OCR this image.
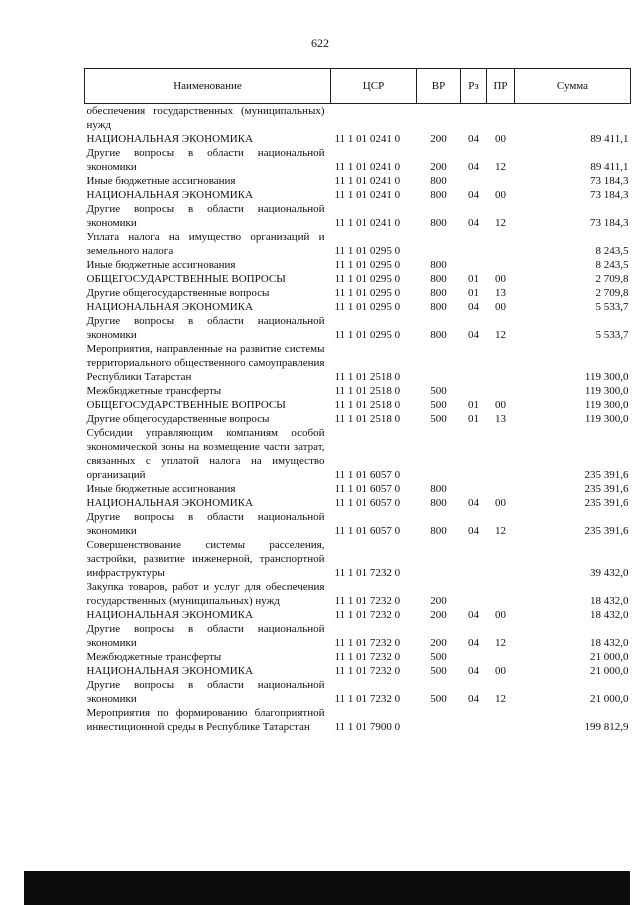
622
Наименование	ЦСР	ВР	Рз	ПР	Сумма
обеспечения государственных (муниципальных) нужд					
НАЦИОНАЛЬНАЯ ЭКОНОМИКА	11 1 01 0241 0	200	04	00	89 411,1
Другие вопросы в области национальной экономики	11 1 01 0241 0	200	04	12	89 411,1
Иные бюджетные ассигнования	11 1 01 0241 0	800			73 184,3
НАЦИОНАЛЬНАЯ ЭКОНОМИКА	11 1 01 0241 0	800	04	00	73 184,3
Другие вопросы в области национальной экономики	11 1 01 0241 0	800	04	12	73 184,3
Уплата налога на имущество организаций и земельного налога	11 1 01 0295 0				8 243,5
Иные бюджетные ассигнования	11 1 01 0295 0	800			8 243,5
ОБЩЕГОСУДАРСТВЕННЫЕ ВОПРОСЫ	11 1 01 0295 0	800	01	00	2 709,8
Другие общегосударственные вопросы	11 1 01 0295 0	800	01	13	2 709,8
НАЦИОНАЛЬНАЯ ЭКОНОМИКА	11 1 01 0295 0	800	04	00	5 533,7
Другие вопросы в области национальной экономики	11 1 01 0295 0	800	04	12	5 533,7
Мероприятия, направленные на развитие системы территориального общественного самоуправления Республики Татарстан	11 1 01 2518 0				119 300,0
Межбюджетные трансферты	11 1 01 2518 0	500			119 300,0
ОБЩЕГОСУДАРСТВЕННЫЕ ВОПРОСЫ	11 1 01 2518 0	500	01	00	119 300,0
Другие общегосударственные вопросы	11 1 01 2518 0	500	01	13	119 300,0
Субсидии управляющим компаниям особой экономической зоны на возмещение части затрат, связанных с уплатой налога на имущество организаций	11 1 01 6057 0				235 391,6
Иные бюджетные ассигнования	11 1 01 6057 0	800			235 391,6
НАЦИОНАЛЬНАЯ ЭКОНОМИКА	11 1 01 6057 0	800	04	00	235 391,6
Другие вопросы в области национальной экономики	11 1 01 6057 0	800	04	12	235 391,6
Совершенствование системы расселения, застройки, развитие инженерной, транспортной инфраструктуры	11 1 01 7232 0				39 432,0
Закупка товаров, работ и услуг для обеспечения государственных (муниципальных) нужд	11 1 01 7232 0	200			18 432,0
НАЦИОНАЛЬНАЯ ЭКОНОМИКА	11 1 01 7232 0	200	04	00	18 432,0
Другие вопросы в области национальной экономики	11 1 01 7232 0	200	04	12	18 432,0
Межбюджетные трансферты	11 1 01 7232 0	500			21 000,0
НАЦИОНАЛЬНАЯ ЭКОНОМИКА	11 1 01 7232 0	500	04	00	21 000,0
Другие вопросы в области национальной экономики	11 1 01 7232 0	500	04	12	21 000,0
Мероприятия по формированию благоприятной инвестиционной среды в Республике Татарстан	11 1 01 7900 0				199 812,9
